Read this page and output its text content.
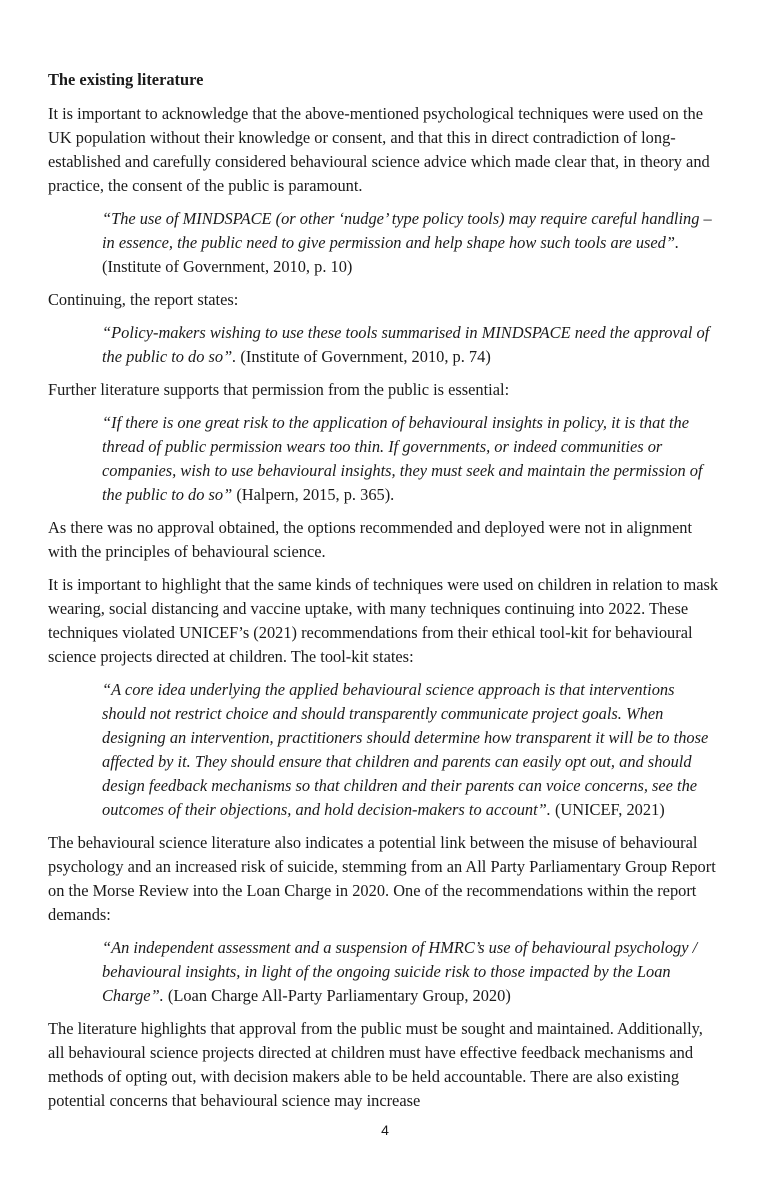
The existing literature

It is important to acknowledge that the above-mentioned psychological techniques were used on the UK population without their knowledge or consent, and that this in direct contradiction of long-established and carefully considered behavioural science advice which made clear that, in theory and practice, the consent of the public is paramount.

“The use of MINDSPACE (or other ‘nudge’ type policy tools) may require careful handling – in essence, the public need to give permission and help shape how such tools are used”. (Institute of Government, 2010, p. 10)

Continuing, the report states:

“Policy-makers wishing to use these tools summarised in MINDSPACE need the approval of the public to do so”. (Institute of Government, 2010, p. 74)

Further literature supports that permission from the public is essential:

“If there is one great risk to the application of behavioural insights in policy, it is that the thread of public permission wears too thin. If governments, or indeed communities or companies, wish to use behavioural insights, they must seek and maintain the permission of the public to do so” (Halpern, 2015, p. 365).

As there was no approval obtained, the options recommended and deployed were not in alignment with the principles of behavioural science.

It is important to highlight that the same kinds of techniques were used on children in relation to mask wearing, social distancing and vaccine uptake, with many techniques continuing into 2022. These techniques violated UNICEF’s (2021) recommendations from their ethical tool-kit for behavioural science projects directed at children. The tool-kit states:

“A core idea underlying the applied behavioural science approach is that interventions should not restrict choice and should transparently communicate project goals. When designing an intervention, practitioners should determine how transparent it will be to those affected by it. They should ensure that children and parents can easily opt out, and should design feedback mechanisms so that children and their parents can voice concerns, see the outcomes of their objections, and hold decision-makers to account”. (UNICEF, 2021)

The behavioural science literature also indicates a potential link between the misuse of behavioural psychology and an increased risk of suicide, stemming from an All Party Parliamentary Group Report on the Morse Review into the Loan Charge in 2020. One of the recommendations within the report demands:

“An independent assessment and a suspension of HMRC’s use of behavioural psychology / behavioural insights, in light of the ongoing suicide risk to those impacted by the Loan Charge”. (Loan Charge All-Party Parliamentary Group, 2020)

The literature highlights that approval from the public must be sought and maintained. Additionally, all behavioural science projects directed at children must have effective feedback mechanisms and methods of opting out, with decision makers able to be held accountable. There are also existing potential concerns that behavioural science may increase

4
